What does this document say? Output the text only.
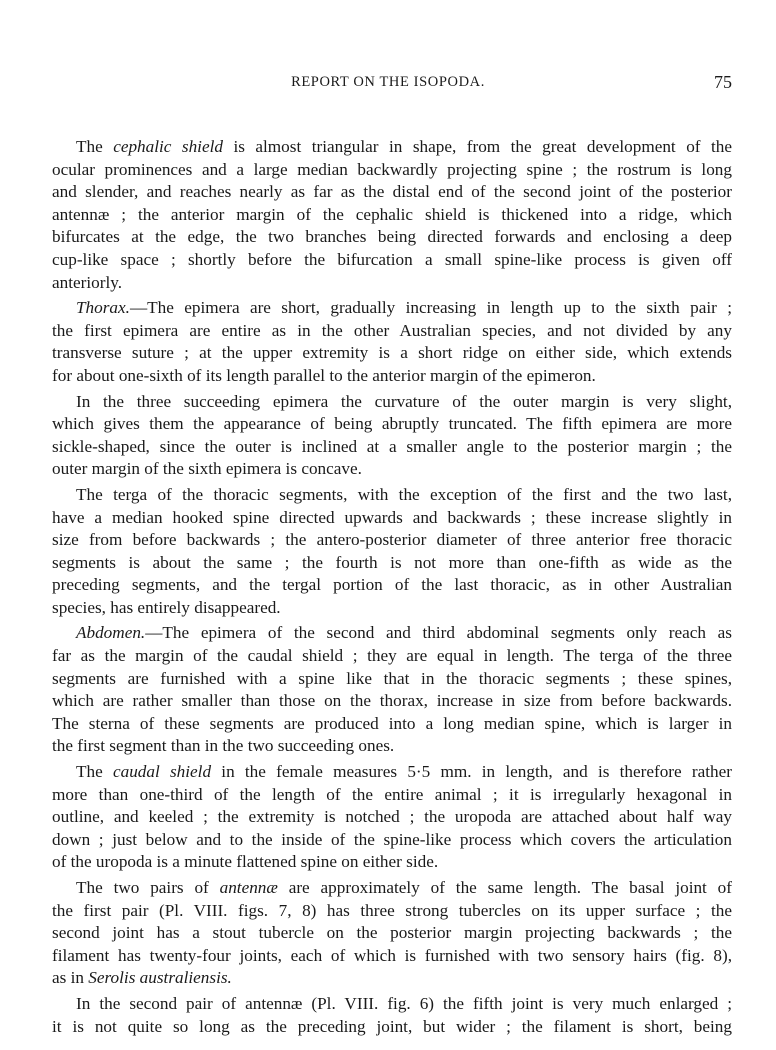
REPORT ON THE ISOPODA.	75
The cephalic shield is almost triangular in shape, from the great development of the
ocular prominences and a large median backwardly projecting spine ; the rostrum is long
and slender, and reaches nearly as far as the distal end of the second joint of the posterior
antennæ ; the anterior margin of the cephalic shield is thickened into a ridge, which
bifurcates at the edge, the two branches being directed forwards and enclosing a deep
cup-like space ; shortly before the bifurcation a small spine-like process is given off
anteriorly.
Thorax.—The epimera are short, gradually increasing in length up to the sixth pair ;
the first epimera are entire as in the other Australian species, and not divided by any
transverse suture ; at the upper extremity is a short ridge on either side, which extends
for about one-sixth of its length parallel to the anterior margin of the epimeron.
In the three succeeding epimera the curvature of the outer margin is very slight,
which gives them the appearance of being abruptly truncated. The fifth epimera are more
sickle-shaped, since the outer is inclined at a smaller angle to the posterior margin ; the
outer margin of the sixth epimera is concave.
The terga of the thoracic segments, with the exception of the first and the two last,
have a median hooked spine directed upwards and backwards ; these increase slightly in
size from before backwards ; the antero-posterior diameter of three anterior free thoracic
segments is about the same ; the fourth is not more than one-fifth as wide as the
preceding segments, and the tergal portion of the last thoracic, as in other Australian
species, has entirely disappeared.
Abdomen.—The epimera of the second and third abdominal segments only reach as
far as the margin of the caudal shield ; they are equal in length. The terga of the three
segments are furnished with a spine like that in the thoracic segments ; these spines,
which are rather smaller than those on the thorax, increase in size from before backwards.
The sterna of these segments are produced into a long median spine, which is larger in
the first segment than in the two succeeding ones.
The caudal shield in the female measures 5·5 mm. in length, and is therefore rather
more than one-third of the length of the entire animal ; it is irregularly hexagonal in
outline, and keeled ; the extremity is notched ; the uropoda are attached about half way
down ; just below and to the inside of the spine-like process which covers the articulation
of the uropoda is a minute flattened spine on either side.
The two pairs of antennæ are approximately of the same length. The basal joint of
the first pair (Pl. VIII. figs. 7, 8) has three strong tubercles on its upper surface ; the
second joint has a stout tubercle on the posterior margin projecting backwards ; the
filament has twenty-four joints, each of which is furnished with two sensory hairs (fig. 8),
as in Serolis australiensis.
In the second pair of antennæ (Pl. VIII. fig. 6) the fifth joint is very much enlarged ;
it is not quite so long as the preceding joint, but wider ; the filament is short, being
